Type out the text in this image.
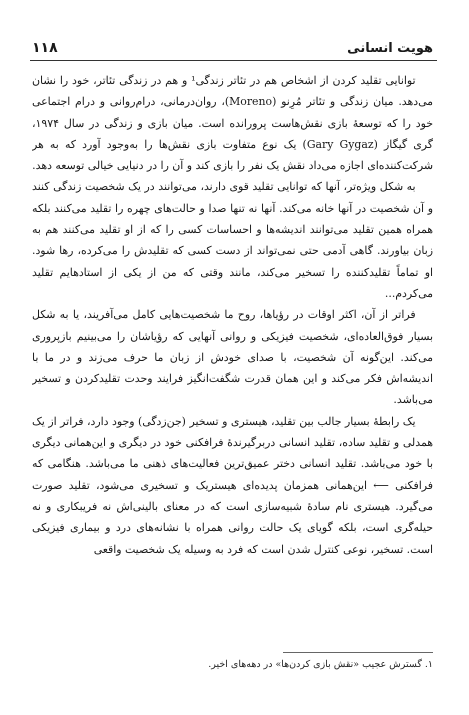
۱۱۸	هویت انسانی

توانایی تقلید کردن از اشخاص هم در تئاتر زندگی¹ و هم در زندگی تئاتر، خود را نشان می‌دهد. میان زندگی و تئاتر مُرِنو (Moreno)، روان‌درمانی، درام‌روانی و درام اجتماعی خود را که توسعهٔ بازی نقش‌هاست پرورانده است. میان بازی و زندگی در سال ۱۹۷۴، گری گیگاز (Gary Gygaz) یک نوع متفاوت بازی نقش‌ها را به‌وجود آورد که به هر شرکت‌کننده‌ای اجازه می‌داد نقش یک نفر را بازی کند و آن را در دنیایی خیالی توسعه دهد.

به شکل ویژه‌تر، آنها که توانایی تقلید قوی دارند، می‌توانند در یک شخصیت زندگی کنند و آن شخصیت در آنها خانه می‌کند. آنها نه تنها صدا و حالت‌های چهره را تقلید می‌کنند بلکه همراه همین تقلید می‌توانند اندیشه‌ها و احساسات کسی را که از او تقلید می‌کنند هم به زبان بیاورند. گاهی آدمی حتی نمی‌تواند از دست کسی که تقلیدش را می‌کرده، رها شود. او تماماً تقلیدکننده را تسخیر می‌کند، مانند وقتی که من از یکی از استادهایم تقلید می‌کردم...

فراتر از آن، اکثر اوقات در رؤیاها، روح ما شخصیت‌هایی کامل می‌آفریند، یا به شکل بسیار فوق‌العاده‌ای، شخصیت فیزیکی و روانی آنهایی که رؤیاشان را می‌بینیم بازپروری می‌کند. این‌گونه آن شخصیت، با صدای خودش از زبان ما حرف می‌زند و در ما با اندیشه‌اش فکر می‌کند و این همان قدرت شگفت‌انگیز فرایند وحدت تقلیدکردن و تسخیر می‌باشد.

یک رابطهٔ بسیار جالب بین تقلید، هیستری و تسخیر (جن‌زدگی) وجود دارد، فراتر از یک همدلی و تقلید ساده، تقلید انسانی دربرگیرندهٔ فرافکنی خود در دیگری و این‌همانی دیگری با خود می‌باشد. تقلید انسانی دختر عمیق‌ترین فعالیت‌های ذهنی ما می‌باشد. هنگامی که فرافکنی ⟵ این‌همانی همزمان پدیده‌ای هیستریک و تسخیری می‌شود، تقلید صورت می‌گیرد. هیستری نام سادهٔ شبیه‌سازی است که در معنای بالینی‌اش نه فریبکاری و نه حیله‌گری است، بلکه گویای یک حالت روانی همراه با نشانه‌های درد و بیماری فیزیکی است. تسخیر، نوعی کنترل شدن است که فرد به وسیله یک شخصیت واقعی

۱. گسترش عجیب «نقش بازی کردن‌ها» در دهه‌های اخیر.
